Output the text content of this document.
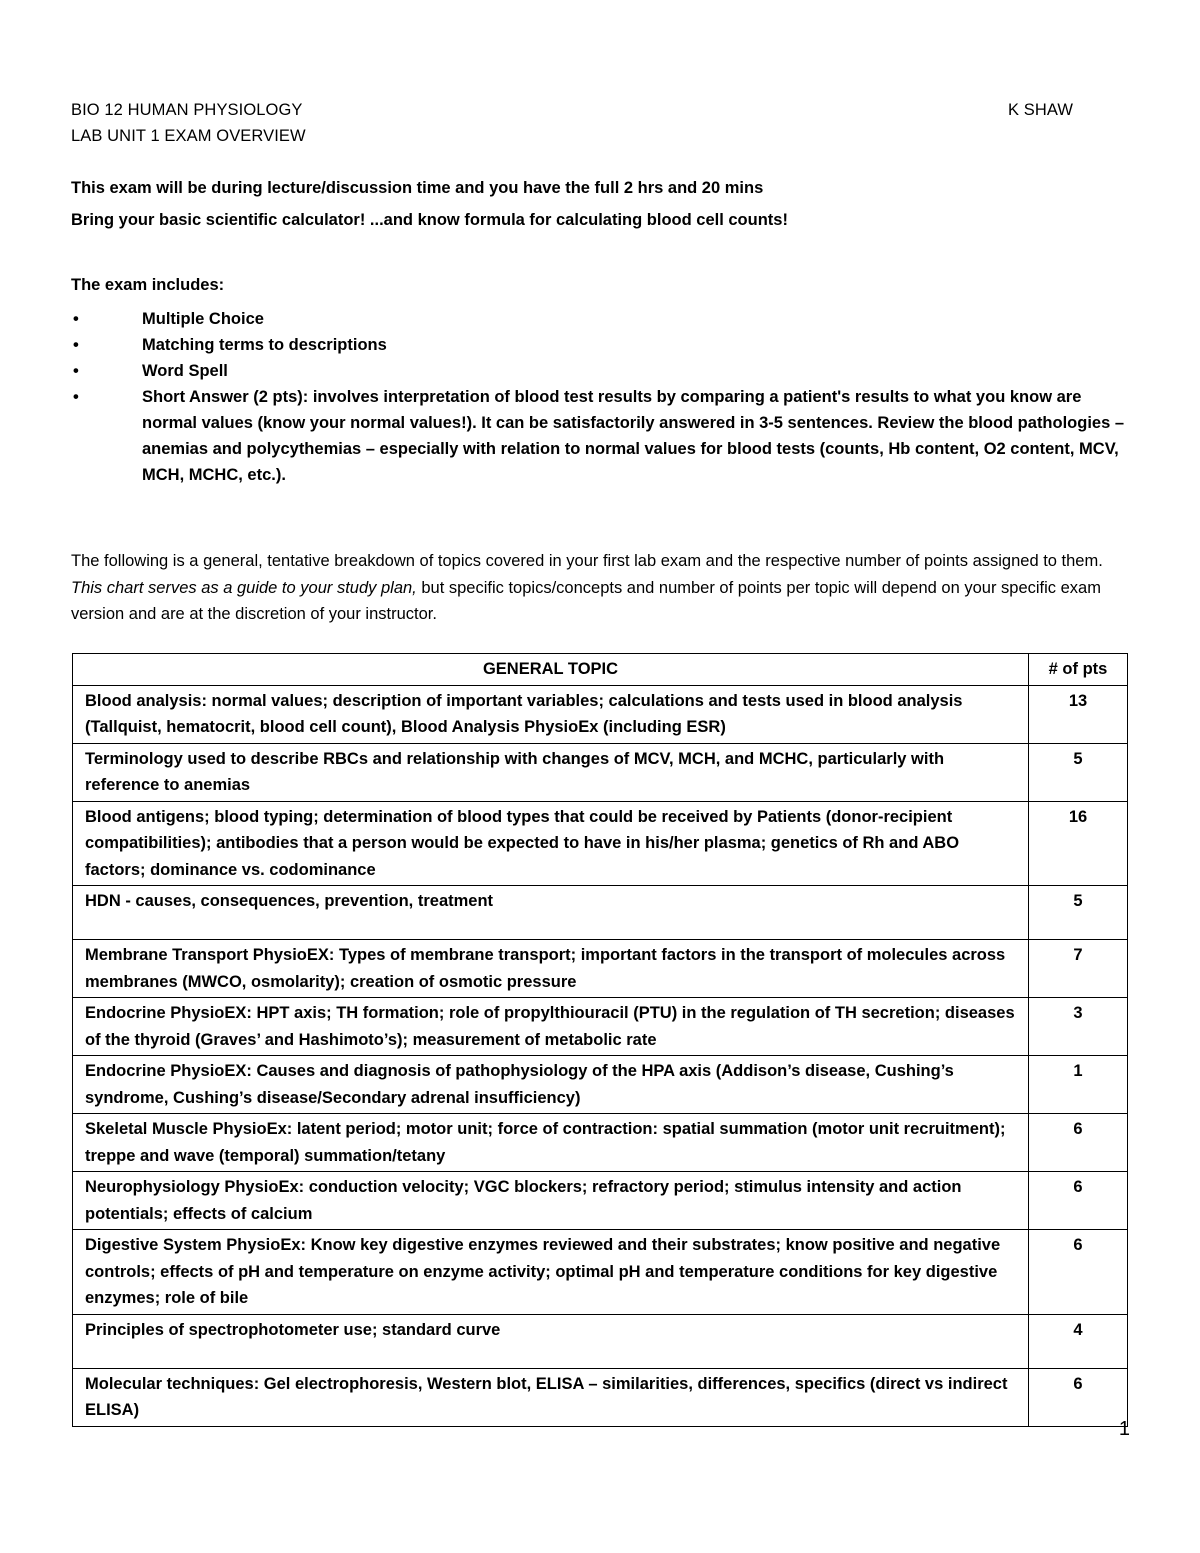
BIO 12 HUMAN PHYSIOLOGY
LAB UNIT 1 EXAM OVERVIEW
K SHAW
This exam will be during lecture/discussion time and you have the full 2 hrs and 20 mins
Bring your basic scientific calculator! ...and know formula for calculating blood cell counts!
The exam includes:
•	Multiple Choice
•	Matching terms to descriptions
•	Word Spell
•	Short Answer (2 pts): involves interpretation of blood test results by comparing a patient's results to what you know are normal values (know your normal values!). It can be satisfactorily answered in 3-5 sentences. Review the blood pathologies – anemias and polycythemias – especially with relation to normal values for blood tests (counts, Hb content, O2 content, MCV, MCH, MCHC, etc.).
The following is a general, tentative breakdown of topics covered in your first lab exam and the respective number of points assigned to them. This chart serves as a guide to your study plan, but specific topics/concepts and number of points per topic will depend on your specific exam version and are at the discretion of your instructor.
GENERAL TOPIC	# of pts
Blood analysis: normal values; description of important variables; calculations and tests used in blood analysis (Tallquist, hematocrit, blood cell count), Blood Analysis PhysioEx (including ESR)	13
Terminology used to describe RBCs and relationship with changes of MCV, MCH, and MCHC, particularly with reference to anemias	5
Blood antigens; blood typing; determination of blood types that could be received by Patients (donor-recipient compatibilities); antibodies that a person would be expected to have in his/her plasma; genetics of Rh and ABO factors; dominance vs. codominance	16
HDN - causes, consequences, prevention, treatment	5
Membrane Transport PhysioEX: Types of membrane transport; important factors in the transport of molecules across membranes (MWCO, osmolarity); creation of osmotic pressure	7
Endocrine PhysioEX: HPT axis; TH formation; role of propylthiouracil (PTU) in the regulation of TH secretion; diseases of the thyroid (Graves’ and Hashimoto’s); measurement of metabolic rate	3
Endocrine PhysioEX: Causes and diagnosis of pathophysiology of the HPA axis (Addison’s disease, Cushing’s syndrome, Cushing’s disease/Secondary adrenal insufficiency)	1
Skeletal Muscle PhysioEx: latent period; motor unit; force of contraction: spatial summation (motor unit recruitment); treppe and wave (temporal) summation/tetany	6
Neurophysiology PhysioEx: conduction velocity; VGC blockers; refractory period; stimulus intensity and action potentials; effects of calcium	6
Digestive System PhysioEx: Know key digestive enzymes reviewed and their substrates; know positive and negative controls; effects of pH and temperature on enzyme activity; optimal pH and temperature conditions for key digestive enzymes; role of bile	6
Principles of spectrophotometer use; standard curve	4
Molecular techniques: Gel electrophoresis, Western blot, ELISA – similarities, differences, specifics (direct vs indirect ELISA)	6
1
